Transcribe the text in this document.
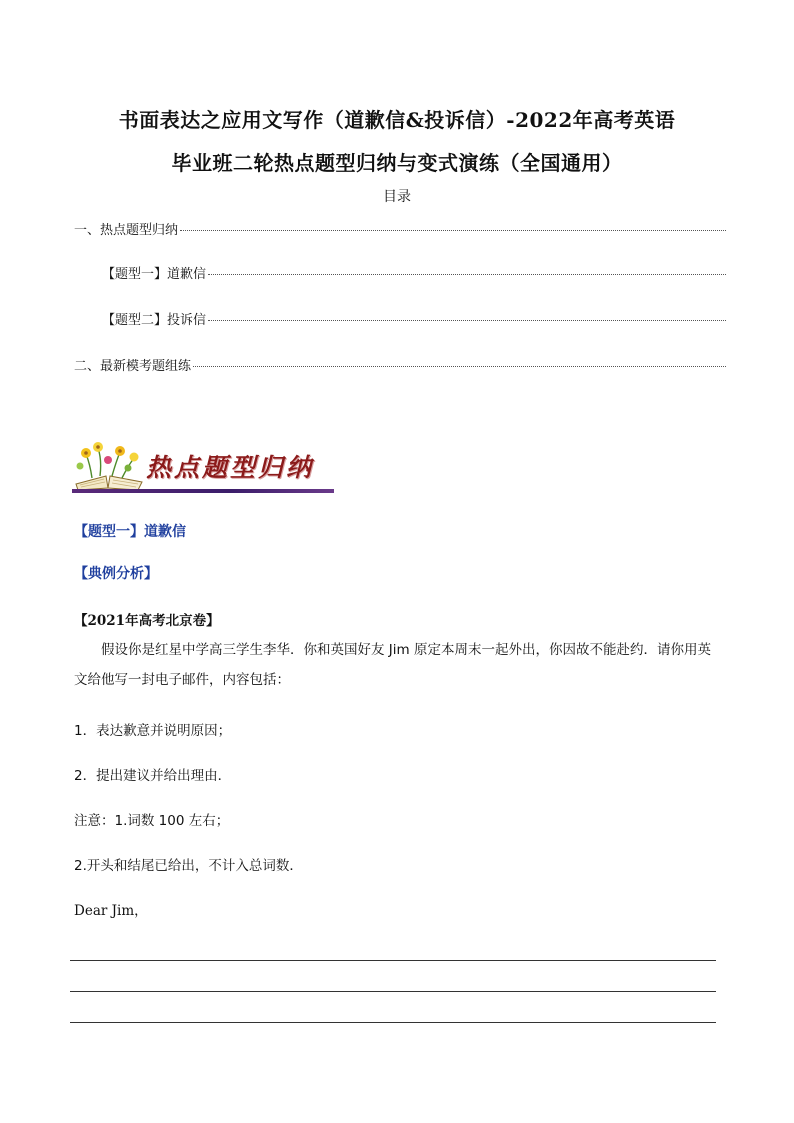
书面表达之应用文写作（道歉信&投诉信）-2022年高考英语
毕业班二轮热点题型归纳与变式演练（全国通用）
目录
一、热点题型归纳
【题型一】道歉信
【题型二】投诉信
二、最新模考题组练
热点题型归纳
【题型一】道歉信
【典例分析】
【2021年高考北京卷】
假设你是红星中学高三学生李华．你和英国好友 Jim 原定本周末一起外出，你因故不能赴约．请你用英文给他写一封电子邮件，内容包括：
1．表达歉意并说明原因；
2．提出建议并给出理由．
注意：1.词数 100 左右；
2.开头和结尾已给出，不计入总词数．
Dear Jim，
